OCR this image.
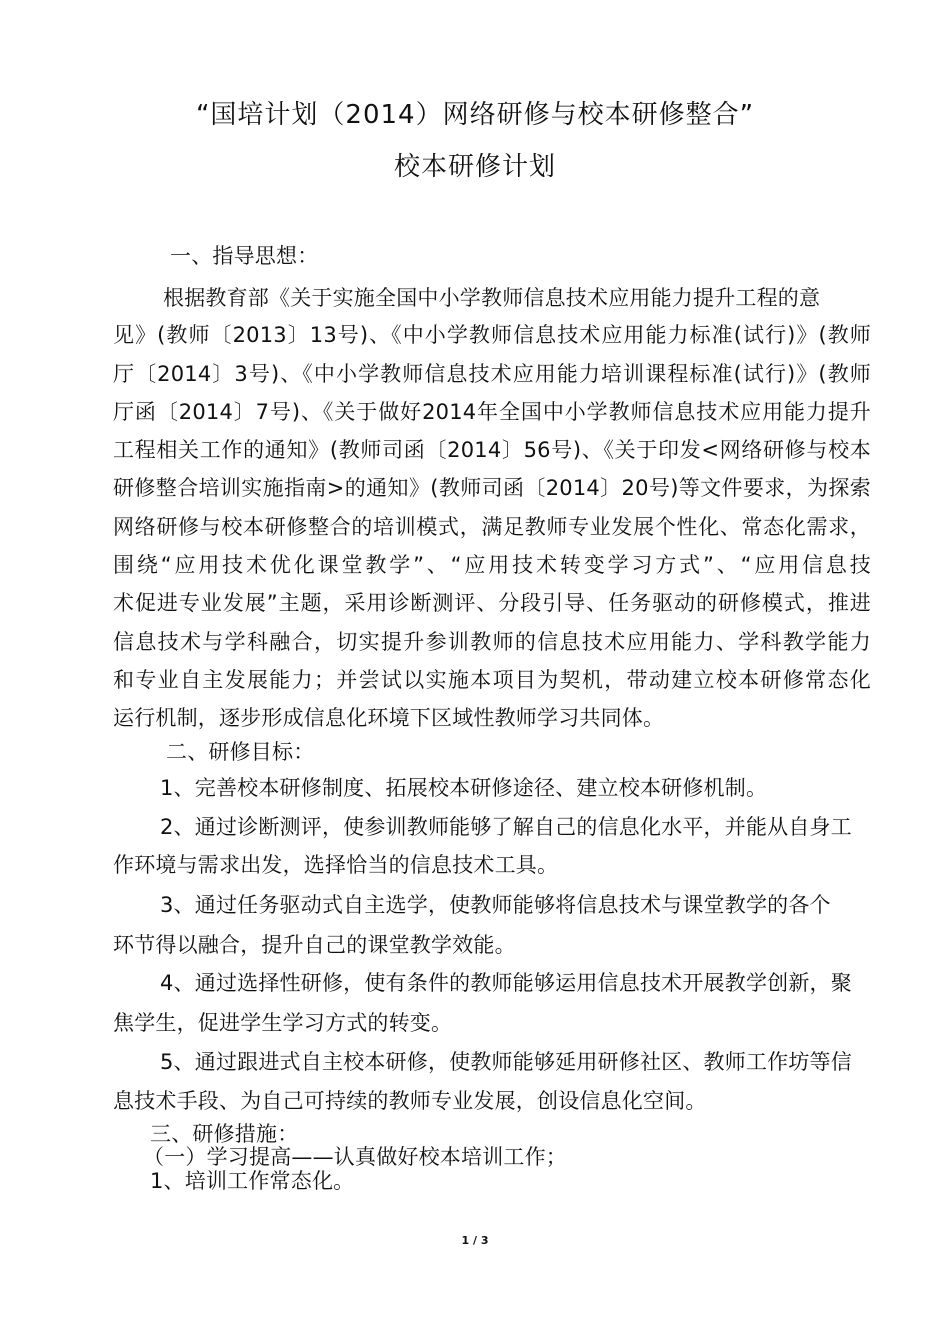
“国培计划（2014）网络研修与校本研修整合”
校本研修计划
一、指导思想：
根据教育部《关于实施全国中小学教师信息技术应用能力提升工程的意
见》(教师〔2013〕13号)、《中小学教师信息技术应用能力标准(试行)》(教师
厅〔2014〕3号)、《中小学教师信息技术应用能力培训课程标准(试行)》(教师
厅函〔2014〕7号)、《关于做好2014年全国中小学教师信息技术应用能力提升
工程相关工作的通知》(教师司函〔2014〕56号)、《关于印发<网络研修与校本
研修整合培训实施指南>的通知》(教师司函〔2014〕20号)等文件要求，为探索
网络研修与校本研修整合的培训模式，满足教师专业发展个性化、常态化需求，
围绕“应用技术优化课堂教学”、“应用技术转变学习方式”、“应用信息技
术促进专业发展”主题，采用诊断测评、分段引导、任务驱动的研修模式，推进
信息技术与学科融合，切实提升参训教师的信息技术应用能力、学科教学能力
和专业自主发展能力；并尝试以实施本项目为契机，带动建立校本研修常态化
运行机制，逐步形成信息化环境下区域性教师学习共同体。
二、研修目标：
1、完善校本研修制度、拓展校本研修途径、建立校本研修机制。
2、通过诊断测评，使参训教师能够了解自己的信息化水平，并能从自身工
作环境与需求出发，选择恰当的信息技术工具。
3、通过任务驱动式自主选学，使教师能够将信息技术与课堂教学的各个
环节得以融合，提升自己的课堂教学效能。
4、通过选择性研修，使有条件的教师能够运用信息技术开展教学创新，聚
焦学生，促进学生学习方式的转变。
5、通过跟进式自主校本研修，使教师能够延用研修社区、教师工作坊等信
息技术手段、为自己可持续的教师专业发展，创设信息化空间。
三、研修措施：
（一）学习提高——认真做好校本培训工作；
1、培训工作常态化。
1 / 3
